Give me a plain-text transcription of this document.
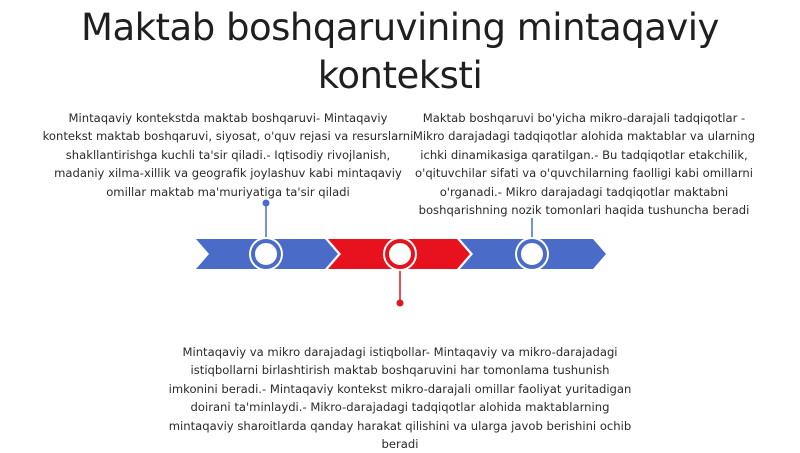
Maktab boshqaruvining mintaqaviy
konteksti
Mintaqaviy kontekstda maktab boshqaruvi- Mintaqaviy kontekst maktab boshqaruvi, siyosat, o'quv rejasi va resurslarni shakllantirishga kuchli ta'sir qiladi.- Iqtisodiy rivojlanish, madaniy xilma-xillik va geografik joylashuv kabi mintaqaviy omillar maktab ma'muriyatiga ta'sir qiladi
Maktab boshqaruvi bo'yicha mikro-darajali tadqiqotlar - Mikro darajadagi tadqiqotlar alohida maktablar va ularning ichki dinamikasiga qaratilgan.- Bu tadqiqotlar etakchilik, o'qituvchilar sifati va o'quvchilarning faolligi kabi omillarni o'rganadi.- Mikro darajadagi tadqiqotlar maktabni boshqarishning nozik tomonlari haqida tushuncha beradi
Mintaqaviy va mikro darajadagi istiqbollar- Mintaqaviy va mikro-darajadagi istiqbollarni birlashtirish maktab boshqaruvini har tomonlama tushunish imkonini beradi.- Mintaqaviy kontekst mikro-darajali omillar faoliyat yuritadigan doirani ta'minlaydi.- Mikro-darajadagi tadqiqotlar alohida maktablarning mintaqaviy sharoitlarda qanday harakat qilishini va ularga javob berishini ochib beradi
